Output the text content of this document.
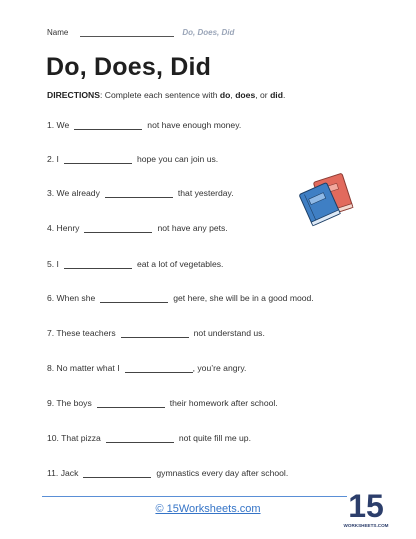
Name	Do, Does, Did
Do, Does, Did
DIRECTIONS: Complete each sentence with do, does, or did.
1. We	not have enough money.
2. I	hope you can join us.
3. We already	that yesterday.
4. Henry	not have any pets.
5. I	eat a lot of vegetables.
6. When she	get here, she will be in a good mood.
7. These teachers	not understand us.
8. No matter what I	, you’re angry.
9. The boys	their homework after school.
10. That pizza	not quite fill me up.
11. Jack	gymnastics every day after school.
© 15Worksheets.com	15
WORKSHEETS.COM
